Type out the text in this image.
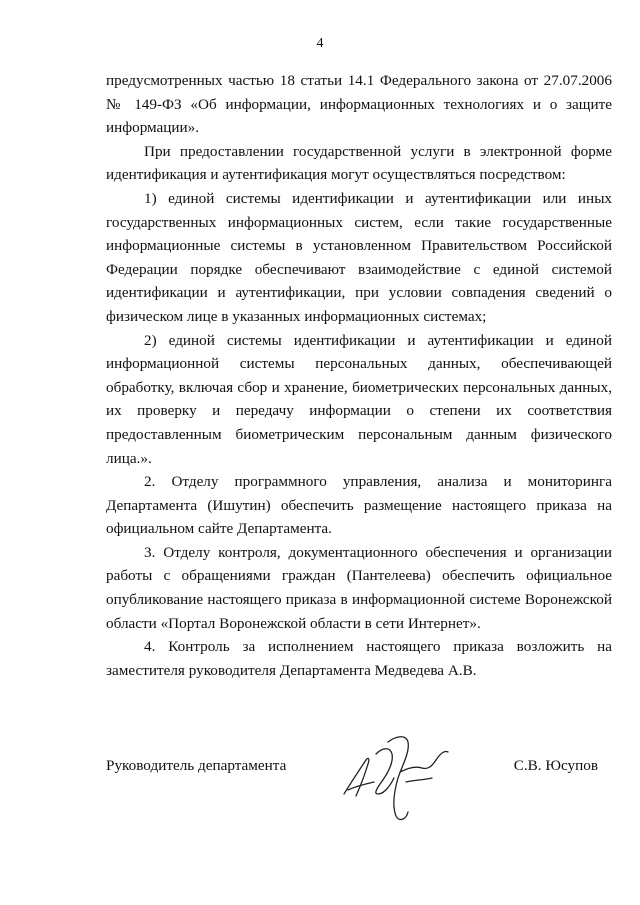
4

предусмотренных частью 18 статьи 14.1 Федерального закона от 27.07.2006 № 149-ФЗ «Об информации, информационных технологиях и о защите информации».

При предоставлении государственной услуги в электронной форме идентификация и аутентификация могут осуществляться посредством:

1) единой системы идентификации и аутентификации или иных государственных информационных систем, если такие государственные информационные системы в установленном Правительством Российской Федерации порядке обеспечивают взаимодействие с единой системой идентификации и аутентификации, при условии совпадения сведений о физическом лице в указанных информационных системах;

2) единой системы идентификации и аутентификации и единой информационной системы персональных данных, обеспечивающей обработку, включая сбор и хранение, биометрических персональных данных, их проверку и передачу информации о степени их соответствия предоставленным биометрическим персональным данным физического лица.».

2. Отделу программного управления, анализа и мониторинга Департамента (Ишутин) обеспечить размещение настоящего приказа на официальном сайте Департамента.

3. Отделу контроля, документационного обеспечения и организации работы с обращениями граждан (Пантелеева) обеспечить официальное опубликование настоящего приказа в информационной системе Воронежской области «Портал Воронежской области в сети Интернет».

4. Контроль за исполнением настоящего приказа возложить на заместителя руководителя Департамента Медведева А.В.

Руководитель департамента	С.В. Юсупов
